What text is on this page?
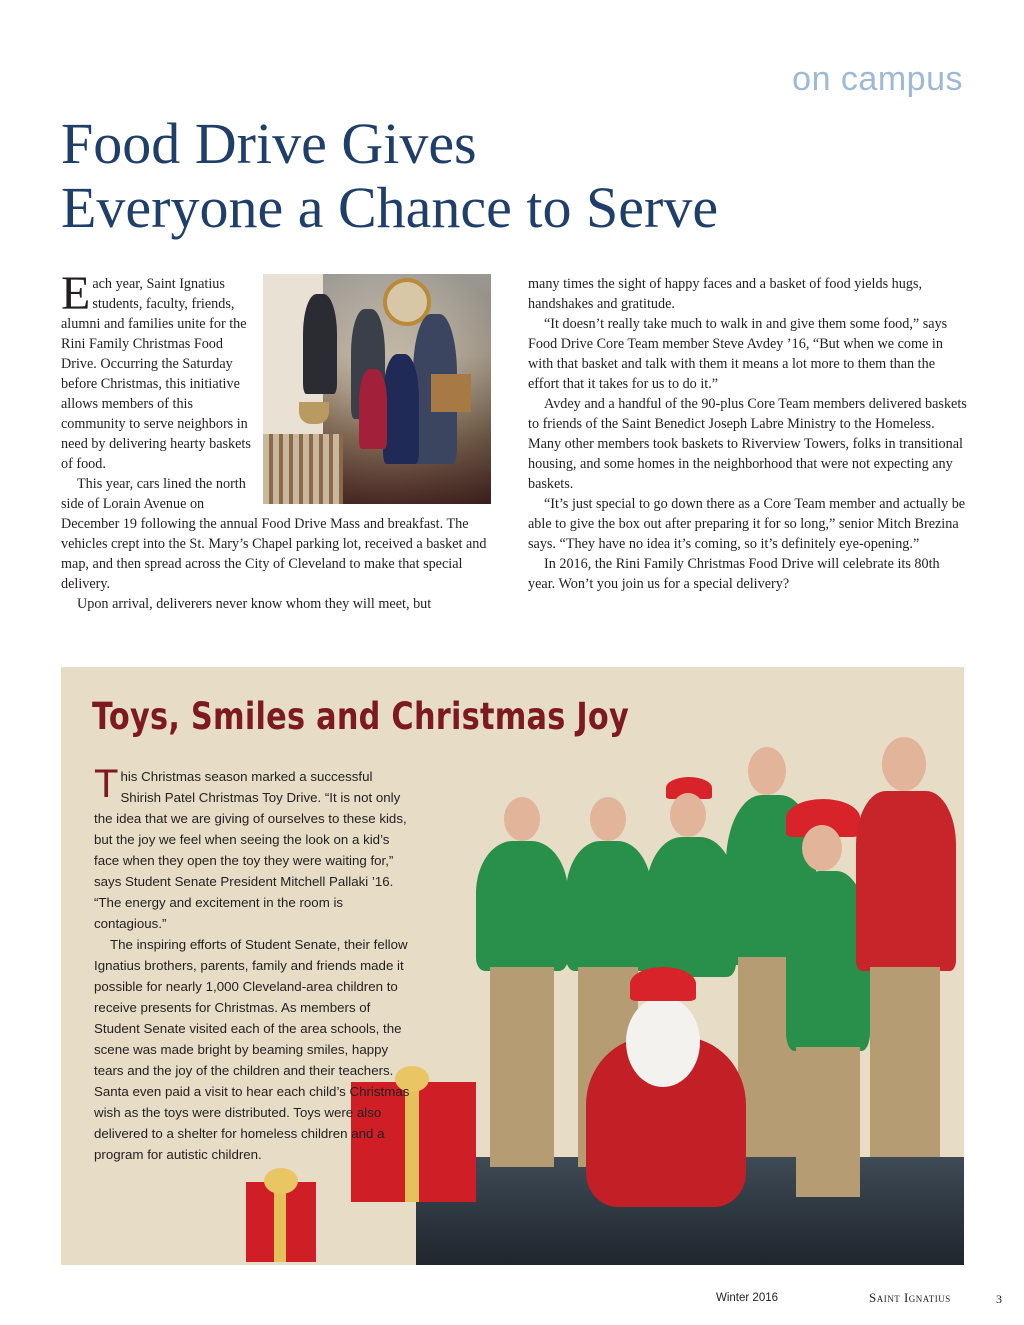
on campus
Food Drive Gives
Everyone a Chance to Serve

Each year, Saint Ignatius students, faculty, friends, alumni and families unite for the Rini Family Christmas Food Drive. Occurring the Saturday before Christmas, this initiative allows members of this community to serve neighbors in need by delivering hearty baskets of food.

This year, cars lined the north side of Lorain Avenue on December 19 following the annual Food Drive Mass and breakfast. The vehicles crept into the St. Mary’s Chapel parking lot, received a basket and map, and then spread across the City of Cleveland to make that special delivery.

Upon arrival, deliverers never know whom they will meet, but

many times the sight of happy faces and a basket of food yields hugs, handshakes and gratitude.

“It doesn’t really take much to walk in and give them some food,” says Food Drive Core Team member Steve Avdey ’16, “But when we come in with that basket and talk with them it means a lot more to them than the effort that it takes for us to do it.”

Avdey and a handful of the 90-plus Core Team members delivered baskets to friends of the Saint Benedict Joseph Labre Ministry to the Homeless. Many other members took baskets to Riverview Towers, folks in transitional housing, and some homes in the neighborhood that were not expecting any baskets.

“It’s just special to go down there as a Core Team member and actually be able to give the box out after preparing it for so long,” senior Mitch Brezina says. “They have no idea it’s coming, so it’s definitely eye-opening.”

In 2016, the Rini Family Christmas Food Drive will celebrate its 80th year. Won’t you join us for a special delivery?

Toys, Smiles and Christmas Joy

This Christmas season marked a successful Shirish Patel Christmas Toy Drive. “It is not only the idea that we are giving of ourselves to these kids, but the joy we feel when seeing the look on a kid’s face when they open the toy they were waiting for,” says Student Senate President Mitchell Pallaki ’16. “The energy and excitement in the room is contagious.”

The inspiring efforts of Student Senate, their fellow Ignatius brothers, parents, family and friends made it possible for nearly 1,000 Cleveland-area children to receive presents for Christmas. As members of Student Senate visited each of the area schools, the scene was made bright by beaming smiles, happy tears and the joy of the children and their teachers. Santa even paid a visit to hear each child’s Christmas wish as the toys were distributed. Toys were also delivered to a shelter for homeless children and a program for autistic children.

Winter 2016	Saint Ignatius	3
